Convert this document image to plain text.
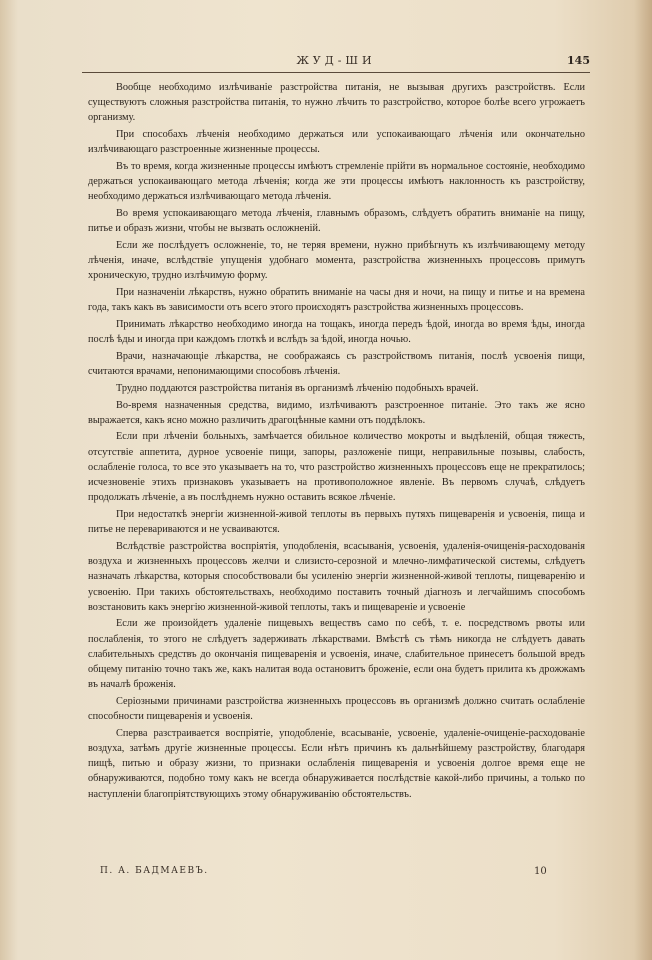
ЖУД-ШИ	145

Вообще необходимо излѣчиваніе разстройства питанія, не вызывая другихъ разстройствъ. Если существуютъ сложныя разстройства питанія, то нужно лѣчить то разстройство, которое болѣе всего угрожаетъ организму.

При способахъ лѣченія необходимо держаться или успокаивающаго лѣченія или окончательно излѣчивающаго разстроенные жизненные процессы.

Въ то время, когда жизненные процессы имѣютъ стремленіе прійти въ нормальное состояніе, необходимо держаться успокаивающаго метода лѣченія; когда же эти процессы имѣютъ наклонность къ разстройству, необходимо держаться излѣчивающаго метода лѣченія.

Во время успокаивающаго метода лѣченія, главнымъ образомъ, слѣдуетъ обратить вниманіе на пищу, питье и образъ жизни, чтобы не вызвать осложненій.

Если же послѣдуетъ осложненіе, то, не теряя времени, нужно прибѣгнуть къ излѣчивающему методу лѣченія, иначе, вслѣдствіе упущенія удобнаго момента, разстройства жизненныхъ процессовъ примутъ хроническую, трудно излѣчимую форму.

При назначеніи лѣкарствъ, нужно обратить вниманіе на часы дня и ночи, на пищу и питье и на времена года, такъ какъ въ зависимости отъ всего этого происходятъ разстройства жизненныхъ процессовъ.

Принимать лѣкарство необходимо иногда на тощакъ, иногда передъ ѣдой, иногда во время ѣды, иногда послѣ ѣды и иногда при каждомъ глоткѣ и вслѣдъ за ѣдой, иногда ночью.

Врачи, назначающіе лѣкарства, не соображаясь съ разстройствомъ питанія, послѣ усвоенія пищи, считаются врачами, непонимающими способовъ лѣченія.

Трудно поддаются разстройства питанія въ организмѣ лѣченію подобныхъ врачей.

Во-время назначенныя средства, видимо, излѣчиваютъ разстроенное питаніе. Это такъ же ясно выражается, какъ ясно можно различить драгоцѣнные камни отъ поддѣлокъ.

Если при лѣченіи больныхъ, замѣчается обильное количество мокроты и выдѣленій, общая тяжесть, отсутствіе аппетита, дурное усвоеніе пищи, запоры, разложеніе пищи, неправильные позывы, слабость, ослабленіе голоса, то все это указываетъ на то, что разстройство жизненныхъ процессовъ еще не прекратилось; исчезновеніе этихъ признаковъ указываетъ на противоположное явленіе. Въ первомъ случаѣ, слѣдуетъ продолжать лѣченіе, а въ послѣднемъ нужно оставить всякое лѣченіе.

При недостаткѣ энергіи жизненной-живой теплоты въ первыхъ путяхъ пищеваренія и усвоенія, пища и питье не перевариваются и не усваиваются.

Вслѣдствіе разстройства воспріятія, уподобленія, всасыванія, усвоенія, удаленія-очищенія-расходованія воздуха и жизненныхъ процессовъ желчи и слизисто-серозной и млечно-лимфатической системы, слѣдуетъ назначать лѣкарства, которыя способствовали бы усиленію энергіи жизненной-живой теплоты, пищеваренію и усвоенію. При такихъ обстоятельствахъ, необходимо поставить точный діагнозъ и легчайшимъ способомъ возстановить какъ энергію жизненной-живой теплоты, такъ и пищевареніе и усвоеніе

Если же произойдетъ удаленіе пищевыхъ веществъ само по себѣ, т. е. посредствомъ рвоты или послабленія, то этого не слѣдуетъ задерживать лѣкарствами. Вмѣстѣ съ тѣмъ никогда не слѣдуетъ давать слабительныхъ средствъ до окончанія пищеваренія и усвоенія, иначе, слабительное принесетъ большой вредъ общему питанію точно такъ же, какъ налитая вода остановитъ броженіе, если она будетъ прилита къ дрожжамъ въ началѣ броженія.

Серіозными причинами разстройства жизненныхъ процессовъ въ организмѣ должно считать ослабленіе способности пищеваренія и усвоенія.

Сперва разстраивается воспріятіе, уподобленіе, всасываніе, усвоеніе, удаленіе-очищеніе-расходованіе воздуха, затѣмъ другіе жизненные процессы. Если нѣтъ причинъ къ дальнѣйшему разстройству, благодаря пищѣ, питью и образу жизни, то признаки ослабленія пищеваренія и усвоенія долгое время еще не обнаруживаются, подобно тому какъ не всегда обнаруживается послѣдствіе какой-либо причины, а только по наступленіи благопріятствующихъ этому обнаруживанію обстоятельствъ.

П. А. БАДМАЕВЪ.	10
